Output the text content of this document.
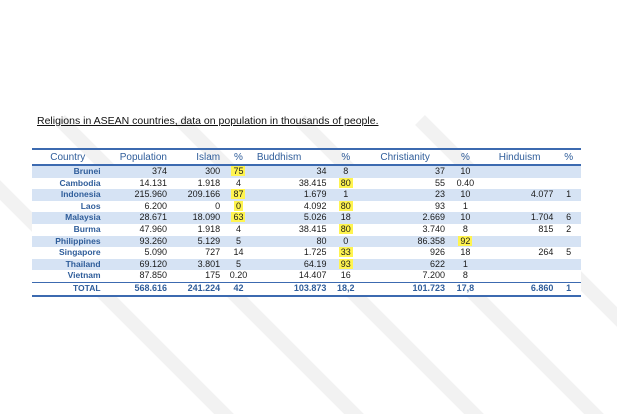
Religions in ASEAN countries, data on population in thousands of people.
Country	Population	Islam	%	Buddhism	%	Christianity	%	Hinduism	%
Brunei	374	300	75	34	8	37	10		
Cambodia	14.131	1.918	4	38.415	80	55	0.40		
Indonesia	215.960	209.166	87	1.679	1	23	10	4.077	1
Laos	6.200	0	0	4.092	80	93	1		
Malaysia	28.671	18.090	63	5.026	18	2.669	10	1.704	6
Burma	47.960	1.918	4	38.415	80	3.740	8	815	2
Philippines	93.260	5.129	5	80	0	86.358	92		
Singapore	5.090	727	14	1.725	33	926	18	264	5
Thailand	69.120	3.801	5	64.19	93	622	1		
Vietnam	87.850	175	0.20	14.407	16	7.200	8		
TOTAL	568.616	241.224	42	103.873	18,2	101.723	17,8	6.860	1
